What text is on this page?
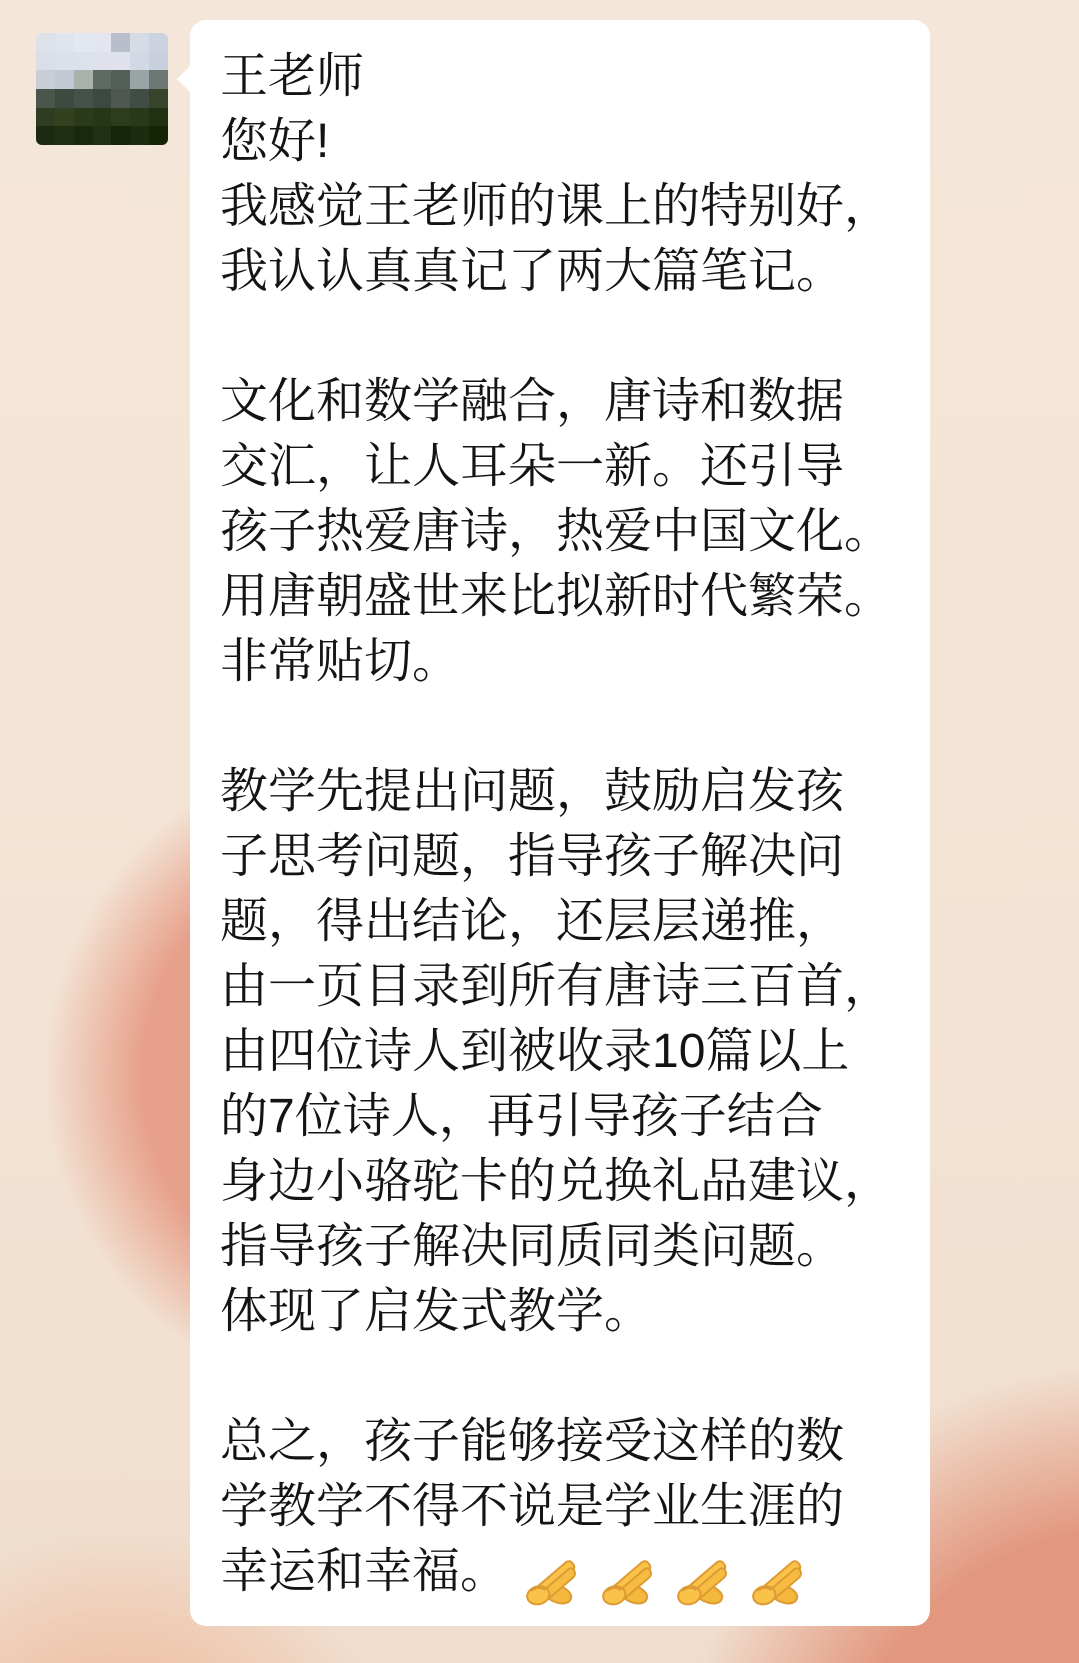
王老师
您好!
我感觉王老师的课上的特别好，
我认认真真记了两大篇笔记。
文化和数学融合，唐诗和数据
交汇，让人耳朵一新。还引导
孩子热爱唐诗，热爱中国文化。
用唐朝盛世来比拟新时代繁荣。
非常贴切。
教学先提出问题，鼓励启发孩
子思考问题，指导孩子解决问
题，得出结论，还层层递推，
由一页目录到所有唐诗三百首，
由四位诗人到被收录10篇以上
的7位诗人，再引导孩子结合
身边小骆驼卡的兑换礼品建议，
指导孩子解决同质同类问题。
体现了启发式教学。
总之，孩子能够接受这样的数
学教学不得不说是学业生涯的
幸运和幸福。
